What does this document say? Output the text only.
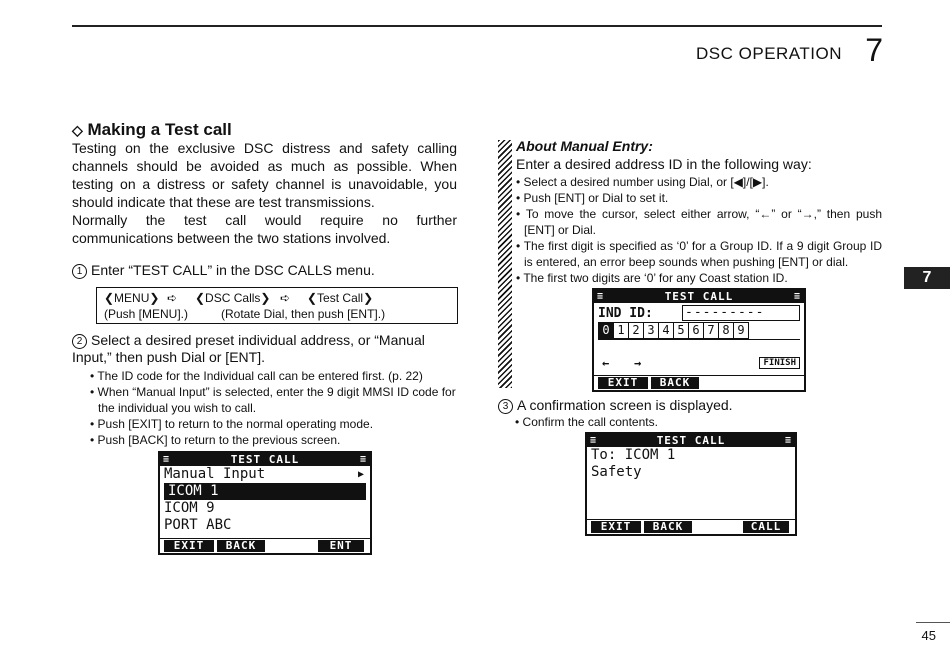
DSC OPERATION 7
7
45
◇ Making a Test call
Testing on the exclusive DSC distress and safety calling channels should be avoided as much as possible. When testing on a distress or safety channel is unavoidable, you should indicate that these are test transmissions.
Normally the test call would require no further communications between the two stations involved.
1 Enter “TEST CALL” in the DSC CALLS menu.
❮MENU❯ ➪ ❮DSC Calls❯ ➪ ❮Test Call❯
(Push [MENU].)	(Rotate Dial, then push [ENT].)
2 Select a desired preset individual address, or “Manual Input,” then push Dial or [ENT].
• The ID code for the Individual call can be entered first. (p. 22)
• When “Manual Input” is selected, enter the 9 digit MMSI ID code for the individual you wish to call.
• Push [EXIT] to return to the normal operating mode.
• Push [BACK] to return to the previous screen.
≡	TEST CALL	≡
Manual Input	▶
ICOM 1
ICOM 9
PORT ABC
EXIT	BACK	ENT
About Manual Entry:
Enter a desired address ID in the following way:
• Select a desired number using Dial, or [◀]/[▶].
• Push [ENT] or Dial to set it.
• To move the cursor, select either arrow, “←” or “→,” then push [ENT] or Dial.
• The first digit is specified as ‘0’ for a Group ID. If a 9 digit Group ID is entered, an error beep sounds when pushing [ENT] or dial.
• The first two digits are ‘0’ for any Coast station ID.
≡	TEST CALL	≡
IND ID: ---------
0 1 2 3 4 5 6 7 8 9
← →	FINISH
EXIT	BACK
3 A confirmation screen is displayed.
• Confirm the call contents.
≡	TEST CALL	≡
To: ICOM 1
Safety
EXIT	BACK	CALL
